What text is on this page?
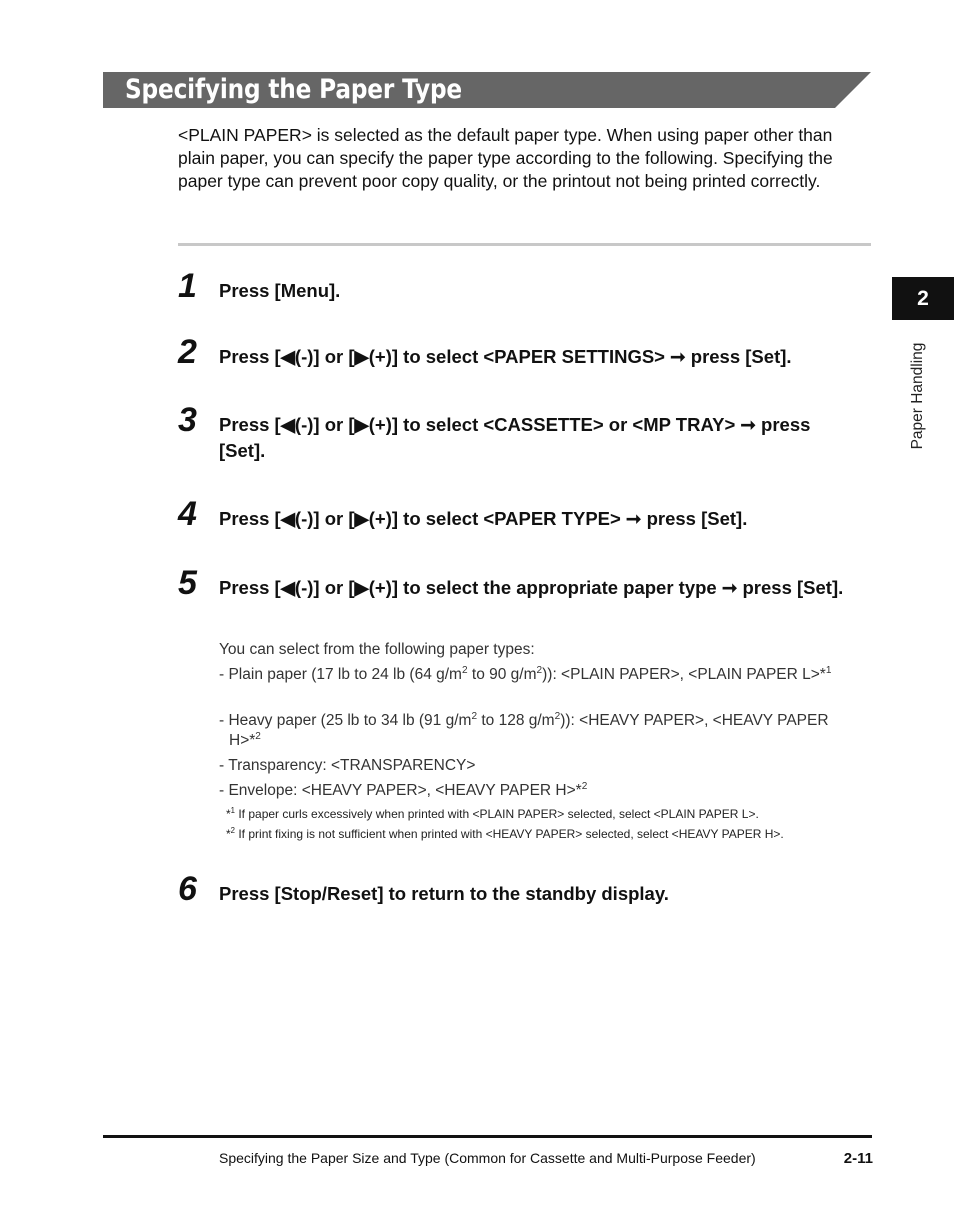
Specifying the Paper Type

<PLAIN PAPER> is selected as the default paper type. When using paper other than plain paper, you can specify the paper type according to the following. Specifying the paper type can prevent poor copy quality, or the printout not being printed correctly.

1 Press [Menu].

2 Press [◀(-)] or [▶(+)] to select <PAPER SETTINGS> ➞ press [Set].

3 Press [◀(-)] or [▶(+)] to select <CASSETTE> or <MP TRAY> ➞ press [Set].

4 Press [◀(-)] or [▶(+)] to select <PAPER TYPE> ➞ press [Set].

5 Press [◀(-)] or [▶(+)] to select the appropriate paper type ➞ press [Set].

You can select from the following paper types:

- Plain paper (17 lb to 24 lb (64 $g/m^2$ to 90 $g/m^2$)): <PLAIN PAPER>, <PLAIN PAPER L>*$^1$

- Heavy paper (25 lb to 34 lb (91 $g/m^2$ to 128 $g/m^2$)): <HEAVY PAPER>, <HEAVY PAPER H>*$^2$

- Transparency: <TRANSPARENCY>

- Envelope: <HEAVY PAPER>, <HEAVY PAPER H>*$^2$

*$^1$ If paper curls excessively when printed with <PLAIN PAPER> selected, select <PLAIN PAPER L>.

*$^2$ If print fixing is not sufficient when printed with <HEAVY PAPER> selected, select <HEAVY PAPER H>.

6 Press [Stop/Reset] to return to the standby display.

2
Paper Handling
Specifying the Paper Size and Type (Common for Cassette and Multi-Purpose Feeder)	2-11
